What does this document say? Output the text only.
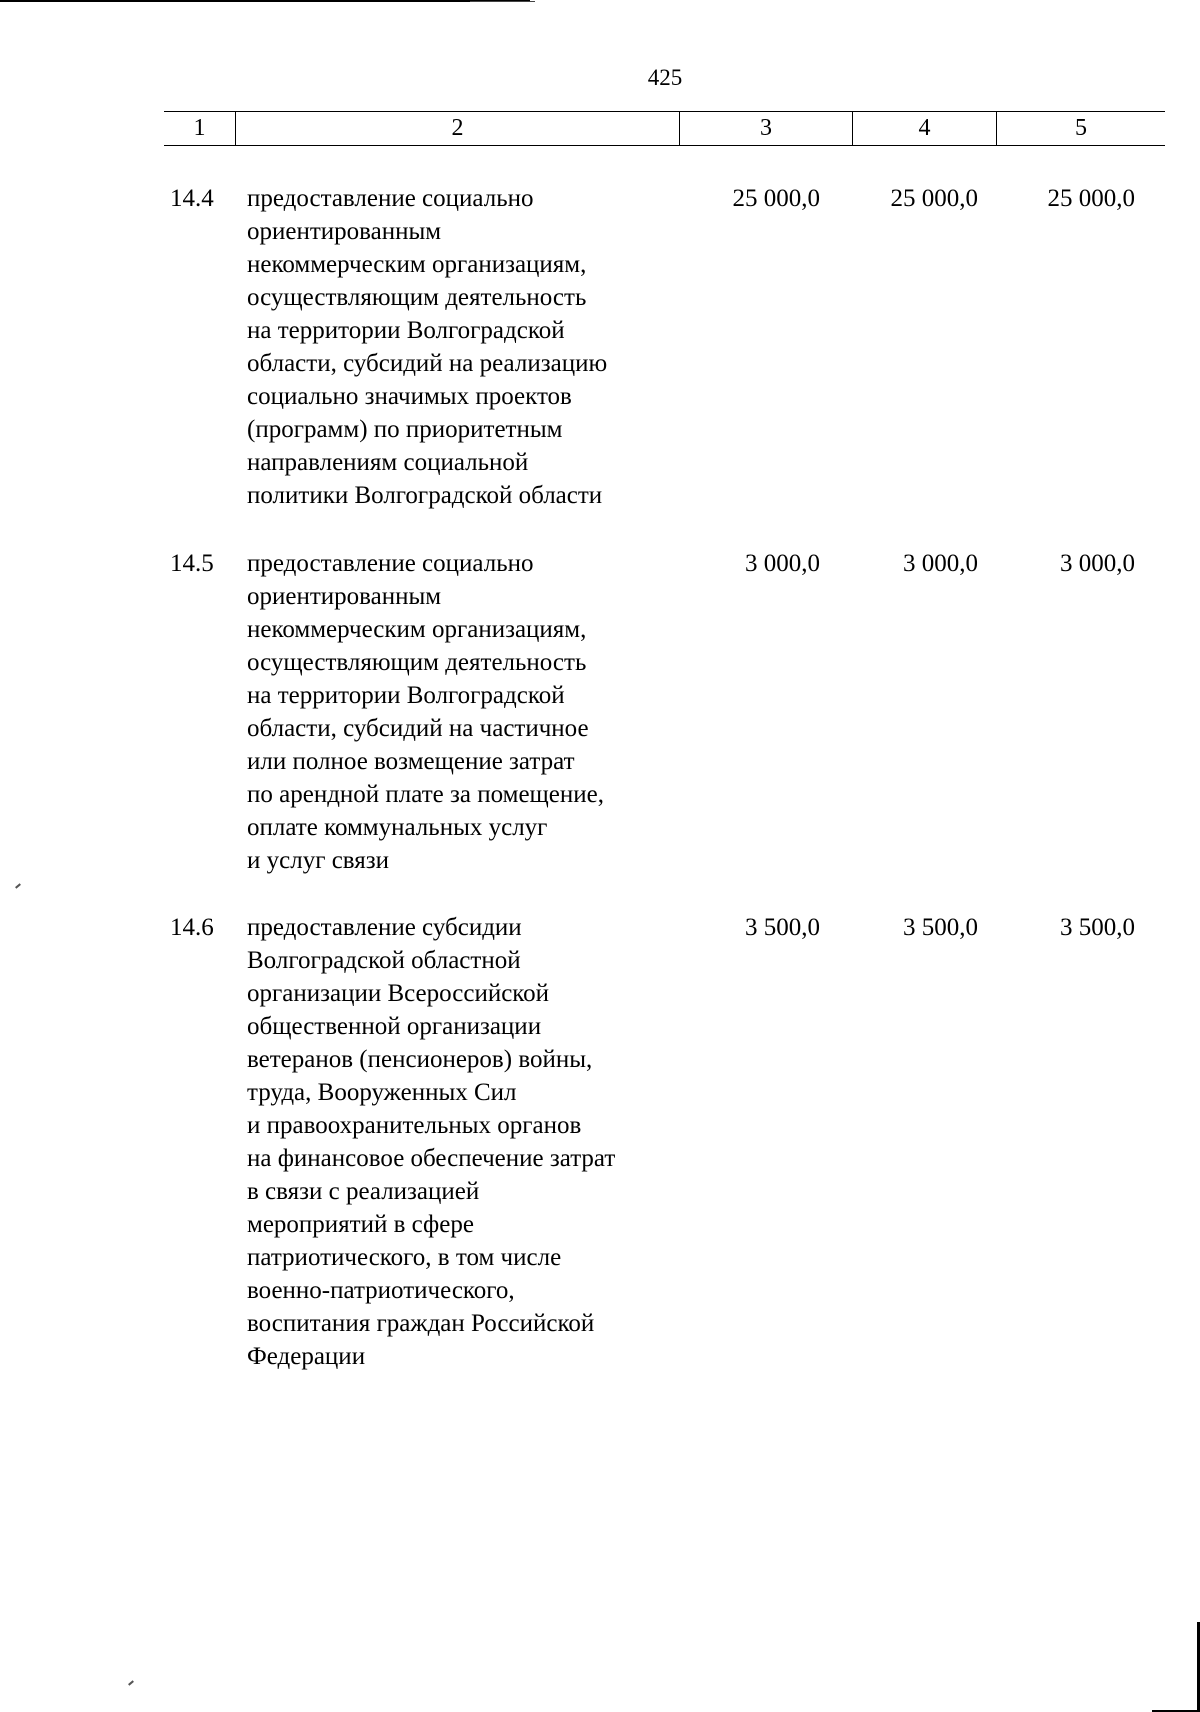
425
1	2	3	4	5
14.4 предоставление социально
ориентированным
некоммерческим организациям,
осуществляющим деятельность
на территории Волгоградской
области, субсидий на реализацию
социально значимых проектов
(программ) по приоритетным
направлениям социальной
политики Волгоградской области
25 000,0	25 000,0	25 000,0
14.5 предоставление социально
ориентированным
некоммерческим организациям,
осуществляющим деятельность
на территории Волгоградской
области, субсидий на частичное
или полное возмещение затрат
по арендной плате за помещение,
оплате коммунальных услуг
и услуг связи
3 000,0	3 000,0	3 000,0
14.6 предоставление субсидии
Волгоградской областной
организации Всероссийской
общественной организации
ветеранов (пенсионеров) войны,
труда, Вооруженных Сил
и правоохранительных органов
на финансовое обеспечение затрат
в связи с реализацией
мероприятий в сфере
патриотического, в том числе
военно-патриотического,
воспитания граждан Российской
Федерации
3 500,0	3 500,0	3 500,0
